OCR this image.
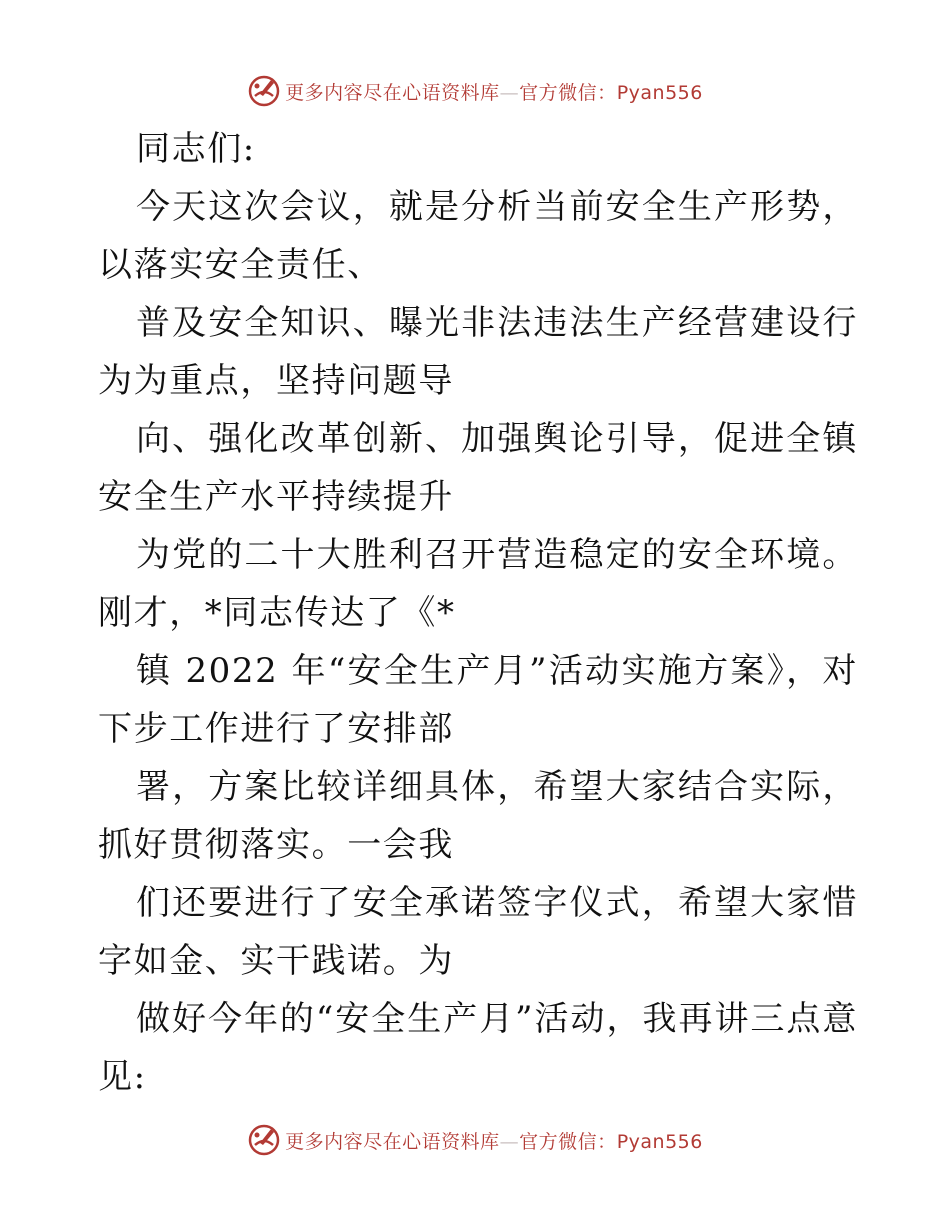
更多内容尽在心语资料库—官方微信：Pyan556

同志们:

今天这次会议，就是分析当前安全生产形势，以落实安全责任、

普及安全知识、曝光非法违法生产经营建设行为为重点，坚持问题导

向、强化改革创新、加强舆论引导，促进全镇安全生产水平持续提升

为党的二十大胜利召开营造稳定的安全环境。刚才，*同志传达了《*

镇 2022 年“安全生产月”活动实施方案》，对下步工作进行了安排部

署，方案比较详细具体，希望大家结合实际，抓好贯彻落实。一会我

们还要进行了安全承诺签字仪式，希望大家惜字如金、实干践诺。为

做好今年的“安全生产月”活动，我再讲三点意见:

更多内容尽在心语资料库—官方微信：Pyan556
